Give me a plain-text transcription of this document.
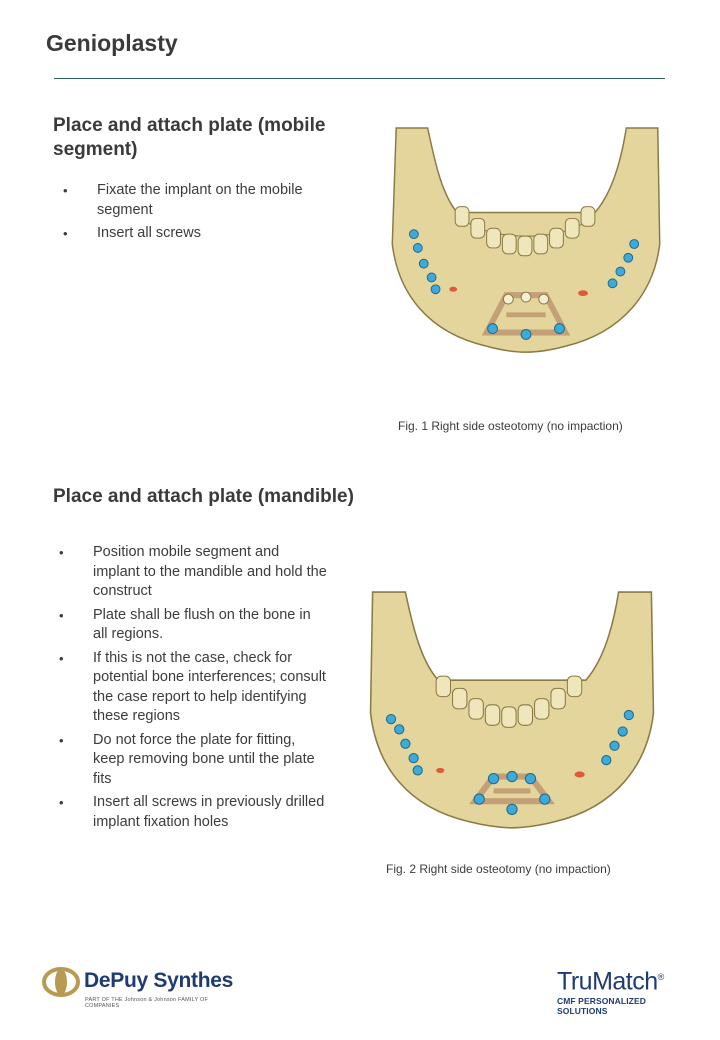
Genioplasty
Place and attach plate (mobile segment)
• Fixate the implant on the mobile segment
• Insert all screws

Fig. 1 Right side osteotomy (no impaction)

Place and attach plate (mandible)
• Position mobile segment and implant to the mandible and hold the construct
• Plate shall be flush on the bone in all regions.
• If this is not the case, check for potential bone interferences; consult the case report to help identifying these regions
• Do not force the plate for fitting, keep removing bone until the plate fits
• Insert all screws in previously drilled implant fixation holes

Fig. 2 Right side osteotomy (no impaction)

DePuy Synthes
PART OF THE Johnson & Johnson FAMILY OF COMPANIES
TruMatch®
CMF PERSONALIZED SOLUTIONS
